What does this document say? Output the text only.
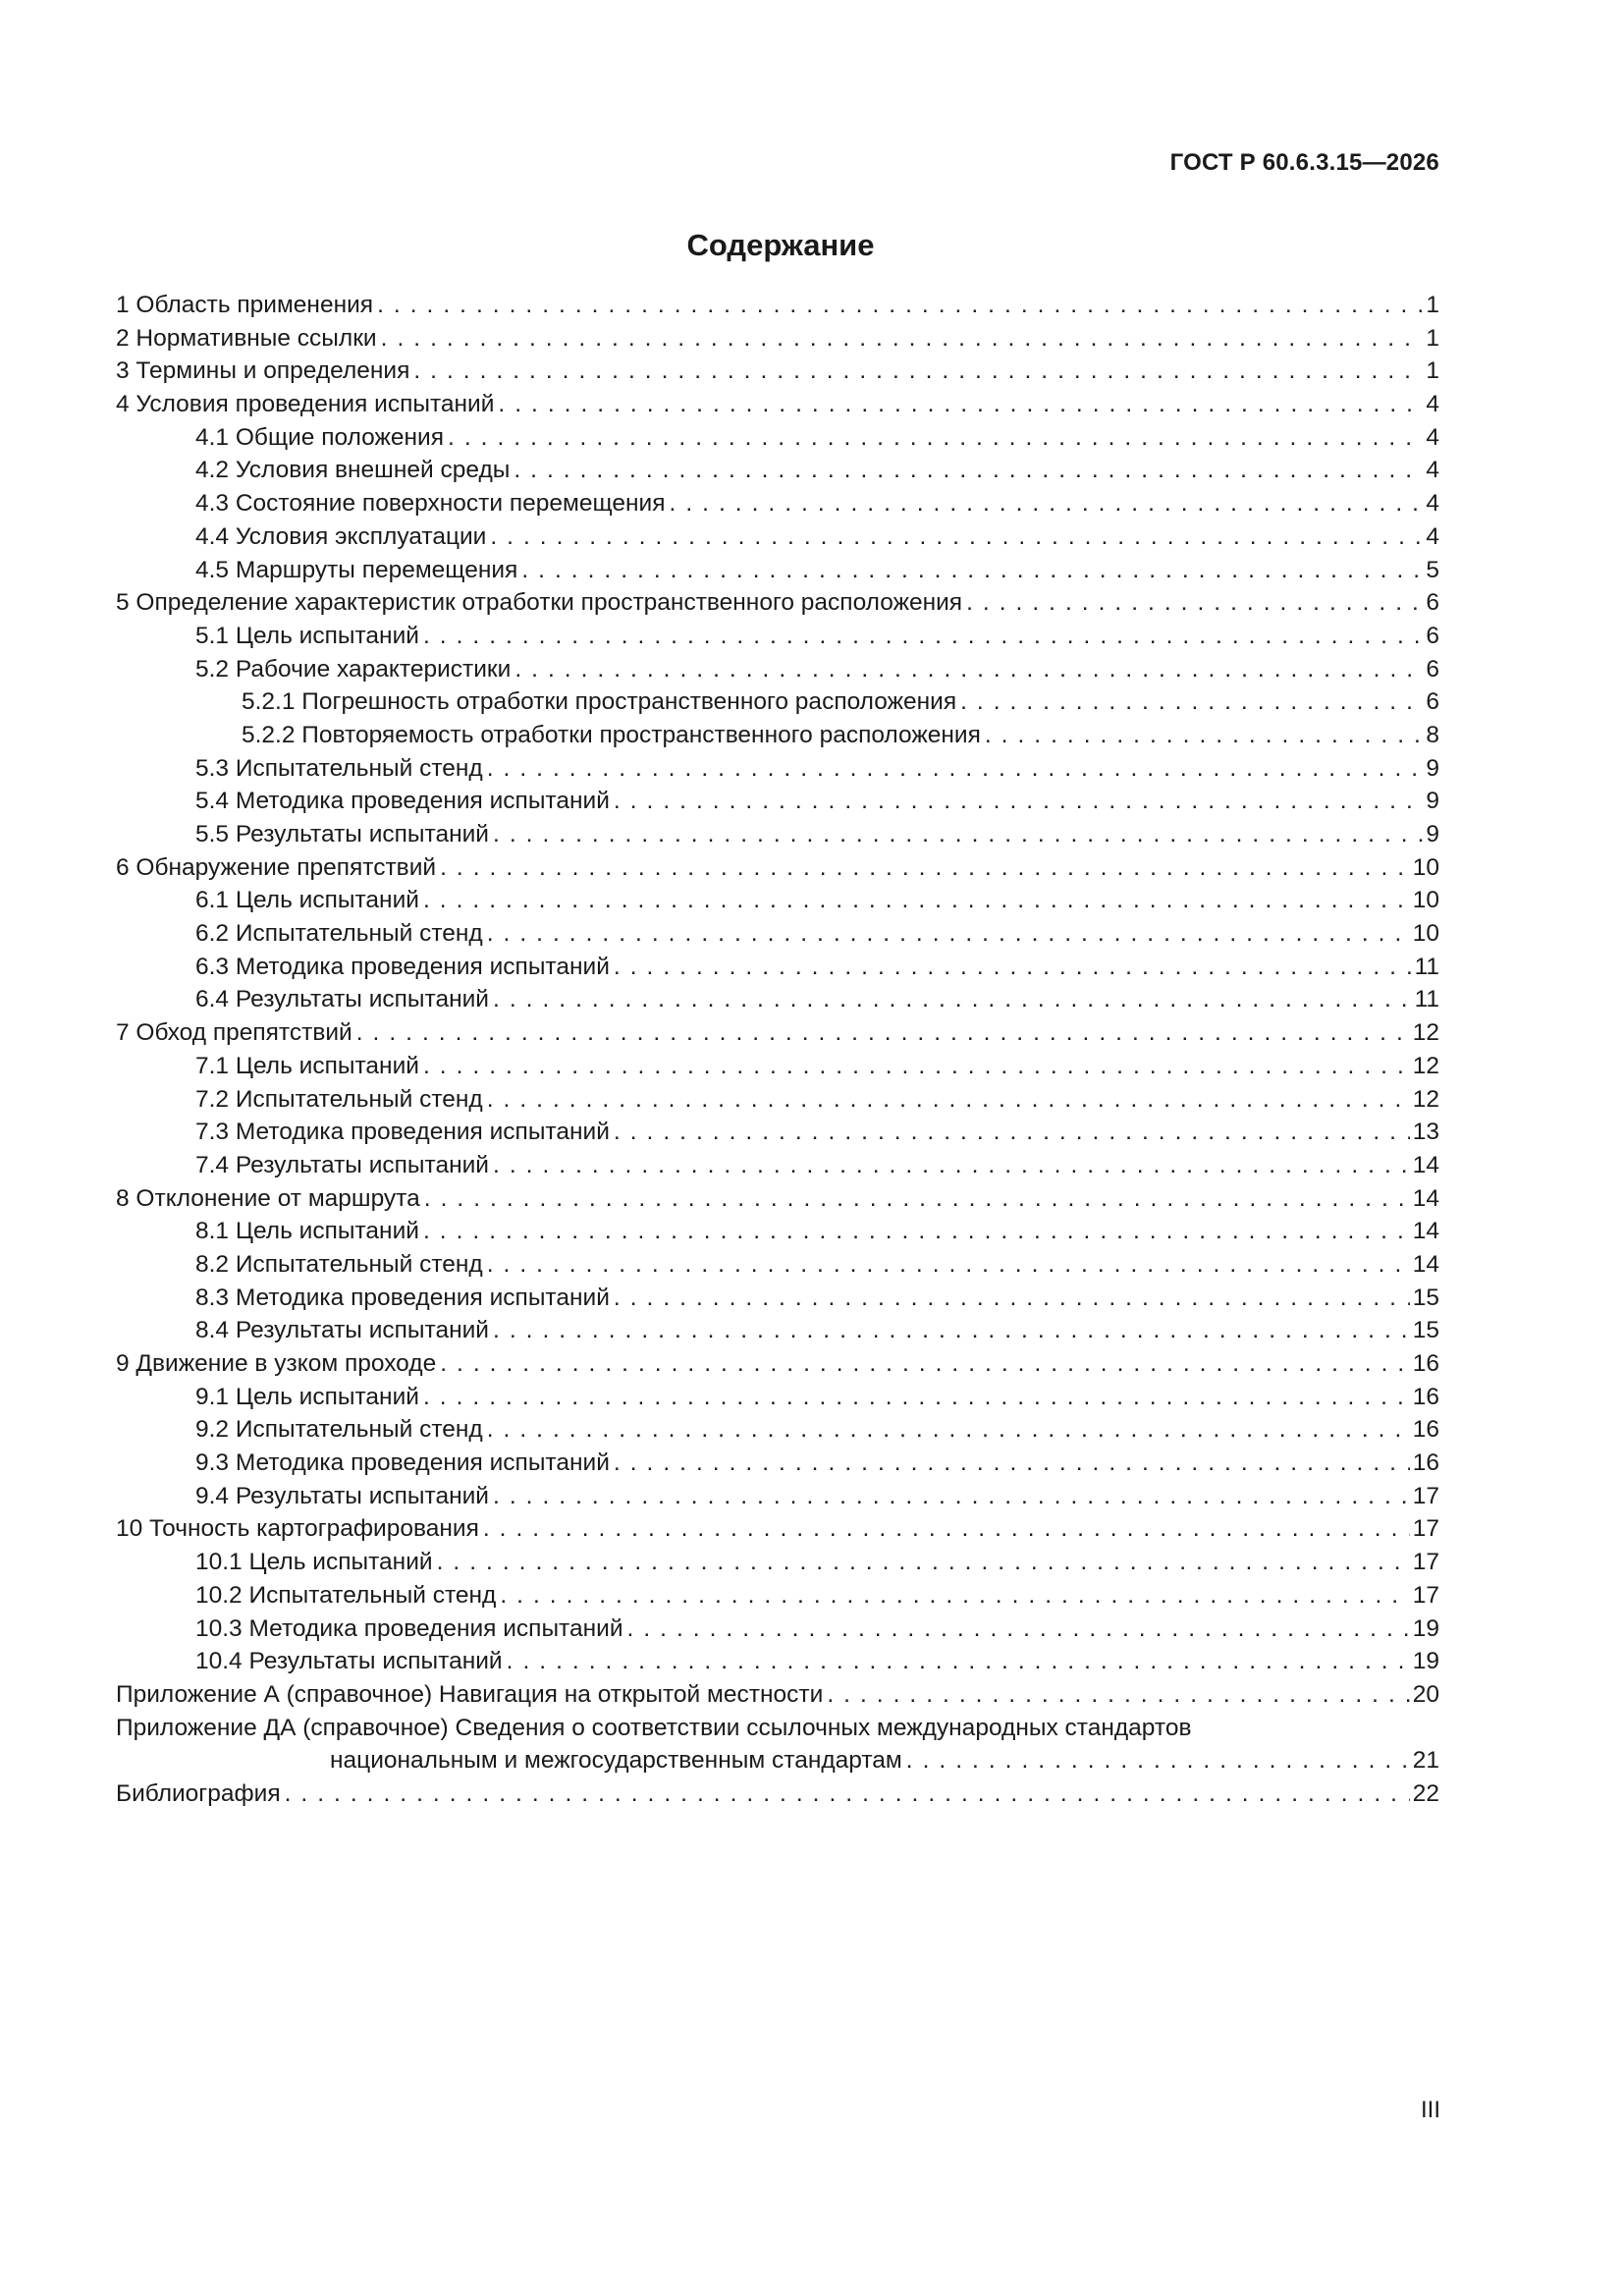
ГОСТ Р 60.6.3.15—2026
Содержание
1 Область применения . . .	1
2 Нормативные ссылки . . .	1
3 Термины и определения . . .	1
4 Условия проведения испытаний . . .	4
4.1 Общие положения . . .	4
4.2 Условия внешней среды . . .	4
4.3 Состояние поверхности перемещения . . .	4
4.4 Условия эксплуатации . . .	4
4.5 Маршруты перемещения . . .	5
5 Определение характеристик отработки пространственного расположения . . .	6
5.1 Цель испытаний . . .	6
5.2 Рабочие характеристики . . .	6
5.2.1 Погрешность отработки пространственного расположения . . .	6
5.2.2 Повторяемость отработки пространственного расположения . . .	8
5.3 Испытательный стенд . . .	9
5.4 Методика проведения испытаний . . .	9
5.5 Результаты испытаний . . .	9
6 Обнаружение препятствий . . .	10
6.1 Цель испытаний . . .	10
6.2 Испытательный стенд . . .	10
6.3 Методика проведения испытаний . . .	11
6.4 Результаты испытаний . . .	11
7 Обход препятствий . . .	12
7.1 Цель испытаний . . .	12
7.2 Испытательный стенд . . .	12
7.3 Методика проведения испытаний . . .	13
7.4 Результаты испытаний . . .	14
8 Отклонение от маршрута . . .	14
8.1 Цель испытаний . . .	14
8.2 Испытательный стенд . . .	14
8.3 Методика проведения испытаний . . .	15
8.4 Результаты испытаний . . .	15
9 Движение в узком проходе . . .	16
9.1 Цель испытаний . . .	16
9.2 Испытательный стенд . . .	16
9.3 Методика проведения испытаний . . .	16
9.4 Результаты испытаний . . .	17
10 Точность картографирования . . .	17
10.1 Цель испытаний . . .	17
10.2 Испытательный стенд . . .	17
10.3 Методика проведения испытаний . . .	19
10.4 Результаты испытаний . . .	19
Приложение А (справочное) Навигация на открытой местности . . .	20
Приложение ДА (справочное) Сведения о соответствии ссылочных международных стандартов
национальным и межгосударственным стандартам . . .	21
Библиография . . .	22
III
